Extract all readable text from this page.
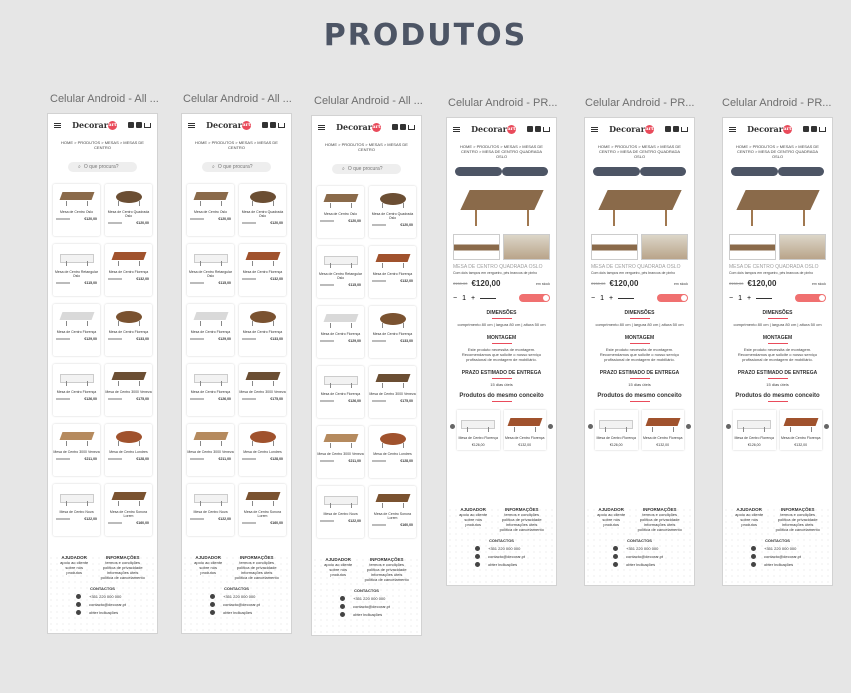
PRODUTOS
Celular Android - All ... Celular Android - All ... Celular Android - All ... Celular Android - PR...	Celular Android - PR...	Celular Android - PR...
Decorarart
HOME > PRODUTOS > MESAS > MESAS DE CENTRO
⌕ O que procura?
Mesa de Centro Oslo
€120,00
Mesa de Centro Quadrada Oslo
€120,00
Mesa de Centro Retangular Oslo
€115,00
Mesa de Centro Florença
€132,00
Mesa de Centro Florença
€129,00
Mesa de Centro Florença
€133,00
Mesa de Centro Florença
€126,00
Mesa de Centro 3000 Veneza
€175,00
Mesa de Centro 3000 Veneza
€211,00
Mesa de Centro Londres
€128,00
Mesa de Centro Nova
€122,00
Mesa de Centro Sonora Lorem
€160,00
AJUDADOR
apoio ao cliente
sobre nós
produtos
INFORMAÇÕES
termos e condições
política de privacidade
informações úteis
política de cancelamento
CONTACTOS
+351 220 000 000
contacto@decorar.pt
obter indicações
Decorarart
HOME > PRODUTOS > MESAS > MESAS DE CENTRO
⌕ O que procura?
Mesa de Centro Oslo
€120,00
Mesa de Centro Quadrada Oslo
€120,00
Mesa de Centro Retangular Oslo
€115,00
Mesa de Centro Florença
€132,00
Mesa de Centro Florença
€129,00
Mesa de Centro Florença
€133,00
Mesa de Centro Florença
€126,00
Mesa de Centro 3000 Veneza
€175,00
Mesa de Centro 3000 Veneza
€211,00
Mesa de Centro Londres
€128,00
Mesa de Centro Nova
€122,00
Mesa de Centro Sonora Lorem
€160,00
AJUDADOR
apoio ao cliente
sobre nós
produtos
INFORMAÇÕES
termos e condições
política de privacidade
informações úteis
política de cancelamento
CONTACTOS
+351 220 000 000
contacto@decorar.pt
obter indicações
Decorarart
HOME > PRODUTOS > MESAS > MESAS DE CENTRO
⌕ O que procura?
Mesa de Centro Oslo
€120,00
Mesa de Centro Quadrada Oslo
€120,00
Mesa de Centro Retangular Oslo
€115,00
Mesa de Centro Florença
€132,00
Mesa de Centro Florença
€129,00
Mesa de Centro Florença
€133,00
Mesa de Centro Florença
€126,00
Mesa de Centro 3000 Veneza
€175,00
Mesa de Centro 3000 Veneza
€211,00
Mesa de Centro Londres
€128,00
Mesa de Centro Nova
€122,00
Mesa de Centro Sonora Lorem
€160,00
AJUDADOR
apoio ao cliente
sobre nós
produtos
INFORMAÇÕES
termos e condições
política de privacidade
informações úteis
política de cancelamento
CONTACTOS
+351 220 000 000
contacto@decorar.pt
obter indicações
Decorarart
HOME > PRODUTOS > MESAS > MESAS DE CENTRO > MESA DE CENTRO QUADRADA OSLO
MESA DE CENTRO QUADRADA OSLO
Com dois tampos em vergueiro, pés brancos de pinho
€150,00 €120,00	em stock
− 1 +
DIMENSÕES
comprimento 80 cm | largura 80 cm | altura 50 cm
MONTAGEM
Este produto necessita de montagem. Recomendamos que solicite o nosso serviço profissional de montagem de mobiliário.
PRAZO ESTIMADO DE ENTREGA
15 dias úteis
Produtos do mesmo conceito
Mesa de Centro Florença
€126,00
Mesa de Centro Florença
€132,00
AJUDADOR
apoio ao cliente
sobre nós
produtos
INFORMAÇÕES
termos e condições
política de privacidade
informações úteis
política de cancelamento
CONTACTOS
+351 220 000 000
contacto@decorar.pt
obter indicações
Decorarart
HOME > PRODUTOS > MESAS > MESAS DE CENTRO > MESA DE CENTRO QUADRADA OSLO
MESA DE CENTRO QUADRADA OSLO
Com dois tampos em vergueiro, pés brancos de pinho
€150,00 €120,00	em stock
− 1 +
DIMENSÕES
comprimento 80 cm | largura 80 cm | altura 50 cm
MONTAGEM
Este produto necessita de montagem. Recomendamos que solicite o nosso serviço profissional de montagem de mobiliário.
PRAZO ESTIMADO DE ENTREGA
15 dias úteis
Produtos do mesmo conceito
Mesa de Centro Florença
€126,00
Mesa de Centro Florença
€132,00
AJUDADOR
apoio ao cliente
sobre nós
produtos
INFORMAÇÕES
termos e condições
política de privacidade
informações úteis
política de cancelamento
CONTACTOS
+351 220 000 000
contacto@decorar.pt
obter indicações
Decorarart
HOME > PRODUTOS > MESAS > MESAS DE CENTRO > MESA DE CENTRO QUADRADA OSLO
MESA DE CENTRO QUADRADA OSLO
Com dois tampos em vergueiro, pés brancos de pinho
€150,00 €120,00	em stock
− 1 +
DIMENSÕES
comprimento 80 cm | largura 80 cm | altura 50 cm
MONTAGEM
Este produto necessita de montagem. Recomendamos que solicite o nosso serviço profissional de montagem de mobiliário.
PRAZO ESTIMADO DE ENTREGA
15 dias úteis
Produtos do mesmo conceito
Mesa de Centro Florença
€126,00
Mesa de Centro Florença
€132,00
AJUDADOR
apoio ao cliente
sobre nós
produtos
INFORMAÇÕES
termos e condições
política de privacidade
informações úteis
política de cancelamento
CONTACTOS
+351 220 000 000
contacto@decorar.pt
obter indicações
